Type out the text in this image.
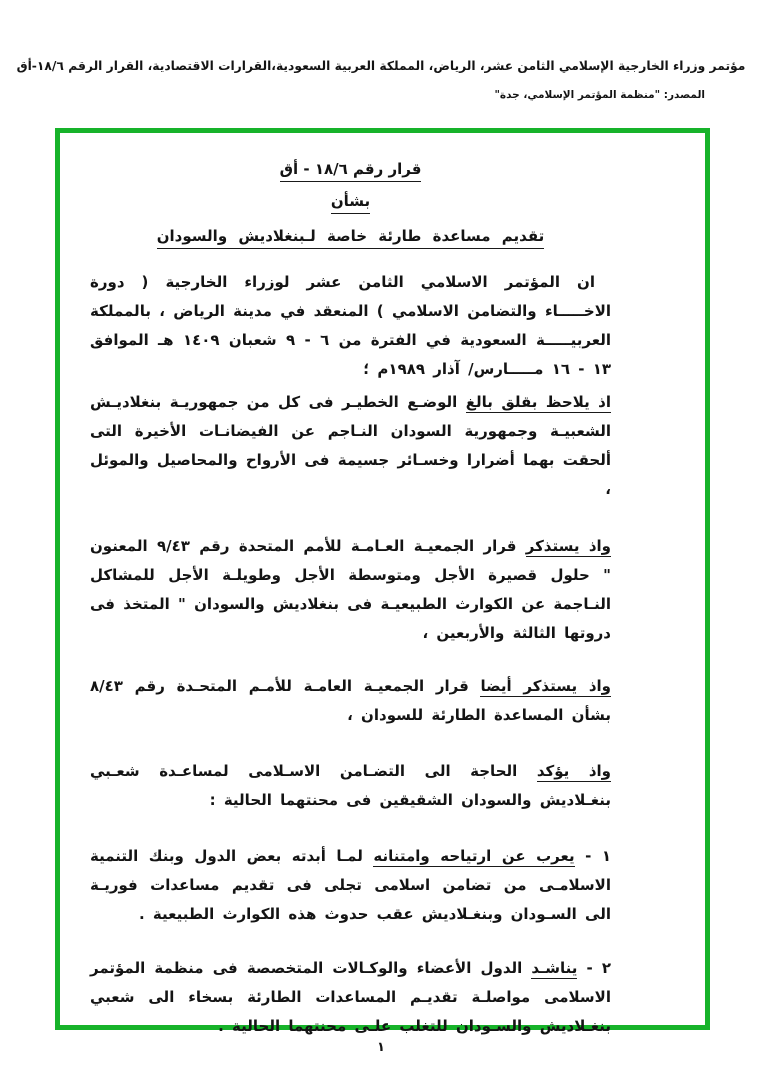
مؤتمر وزراء الخارجية الإسلامي الثامن عشر، الرياض، المملكة العربية السعودية،القرارات الاقتصادية، القرار الرقم ١٨/٦-أق
المصدر: "منظمة المؤتمر الإسلامي، جدة"
قرار رقم ١٨/٦ - أق
بشأن
تقديم مساعدة طارئة خاصة لـبنغلاديش والسودان

ان المؤتمر الاسلامي الثامن عشر لوزراء الخارجية ( دورة الاخـــــاء والتضامن الاسلامي ) المنعقد في مدينة الرياض ، بالمملكة العربيـــــة السعودية في الفترة من ٦ - ٩ شعبان ١٤٠٩ هـ الموافق ١٣ - ١٦ مـــــارس/ آذار ١٩٨٩م ؛

اذ يلاحظ بقلق بالغ الوضـع الخطيـر فى كل من جمهوريـة بنغلاديـش الشعبيـة وجمهورية السودان النـاجم عن الفيضانـات الأخيرة التى ألحقت بهما أضرارا وخسـائر جسيمة فى الأرواح والمحاصيل والموئل ،

واذ يستذكر قرار الجمعيـة العـامـة للأمم المتحدة رقم ٩/٤٣ المعنون " حلول قصيرة الأجل ومتوسطة الأجل وطويلـة الأجل للمشاكل النـاجمة عن الكوارث الطبيعيـة فى بنغلاديش والسودان " المتخذ فى دروتها الثالثة والأربعين ،

واذ يستذكر أيضا قرار الجمعيـة العامـة للأمـم المتحـدة رقم ٨/٤٣ بشأن المساعدة الطارئة للسودان ،

واذ يؤكد الحاجة الى التضـامن الاسـلامى لمساعـدة شعـبي بنغـلاديش والسودان الشقيقين فى محنتهما الحالية :

١ - يعرب عن ارتياحه وامتنانه لمـا أبدته بعض الدول وبنك التنمية الاسلامـى من تضامن اسلامى تجلى فى تقديم مساعدات فوريـة الى السـودان وبنغـلاديش عقب حدوث هذه الكوارث الطبيعية .

٢ - يناشـد الدول الأعضاء والوكـالات المتخصصة فى منظمة المؤتمر الاسلامى مواصلـة تقديـم المساعدات الطارئة بسخاء الى شعبي بنغـلاديش والسـودان للتغلب علـى محنتهما الحالية .

١
